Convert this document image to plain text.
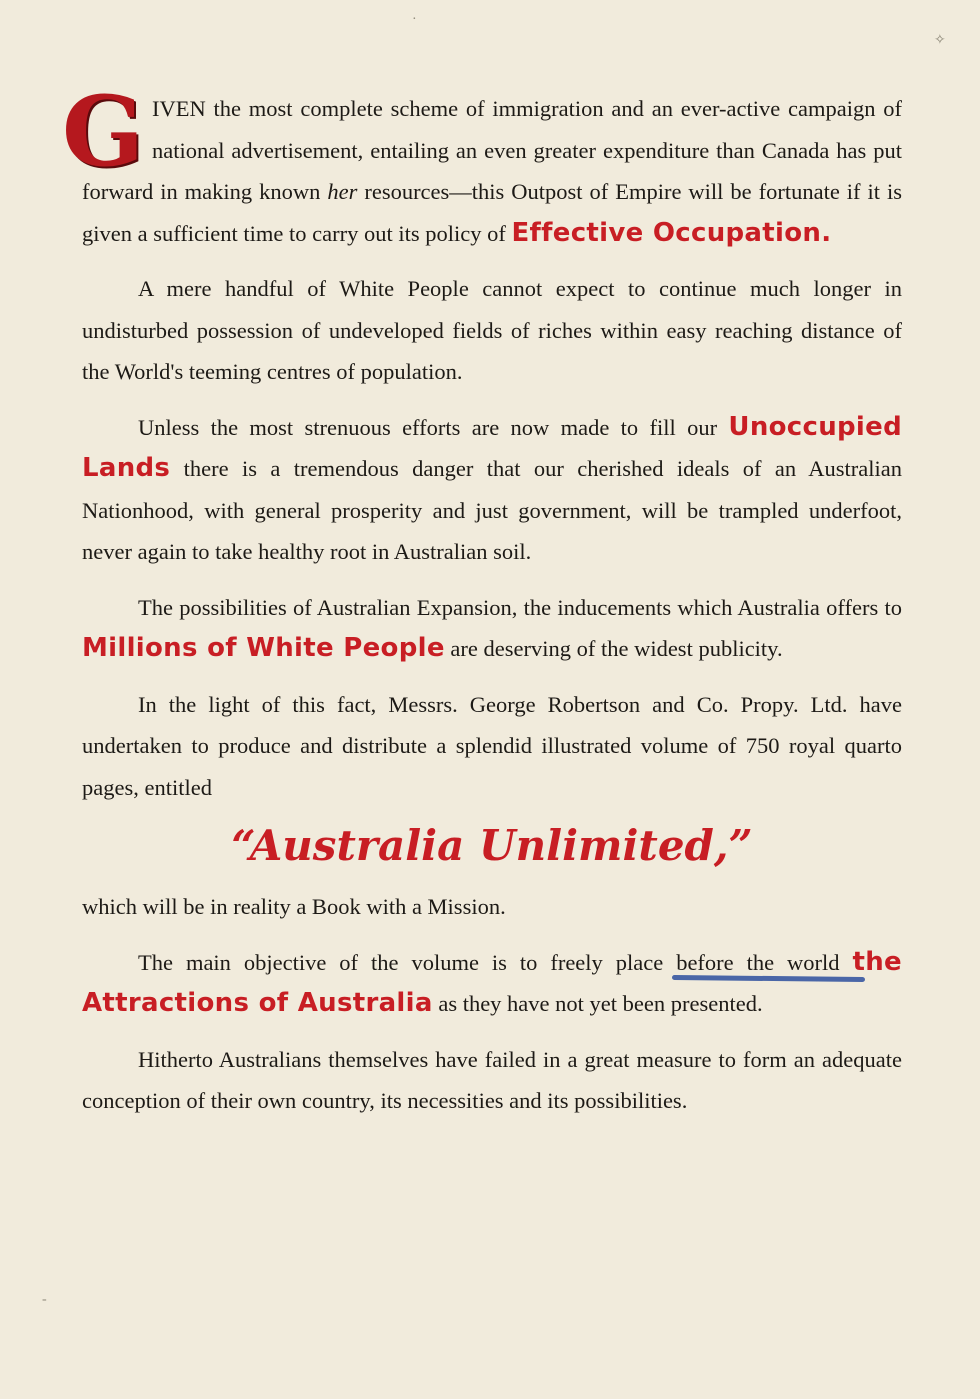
GIVEN the most complete scheme of immigration and an ever-active campaign of national advertisement, entailing an even greater expenditure than Canada has put forward in making known her resources—this Outpost of Empire will be fortunate if it is given a sufficient time to carry out its policy of Effective Occupation.

A mere handful of White People cannot expect to continue much longer in undisturbed possession of undeveloped fields of riches within easy reaching distance of the World's teeming centres of population.

Unless the most strenuous efforts are now made to fill our Unoccupied Lands there is a tremendous danger that our cherished ideals of an Australian Nationhood, with general prosperity and just government, will be trampled underfoot, never again to take healthy root in Australian soil.

The possibilities of Australian Expansion, the inducements which Australia offers to Millions of White People are deserving of the widest publicity.

In the light of this fact, Messrs. George Robertson and Co. Propy. Ltd. have undertaken to produce and distribute a splendid illustrated volume of 750 royal quarto pages, entitled

“Australia Unlimited,”

which will be in reality a Book with a Mission.

The main objective of the volume is to freely place before the world the Attractions of Australia as they have not yet been presented.

Hitherto Australians themselves have failed in a great measure to form an adequate conception of their own country, its necessities and its possibilities.

✧
·
-
